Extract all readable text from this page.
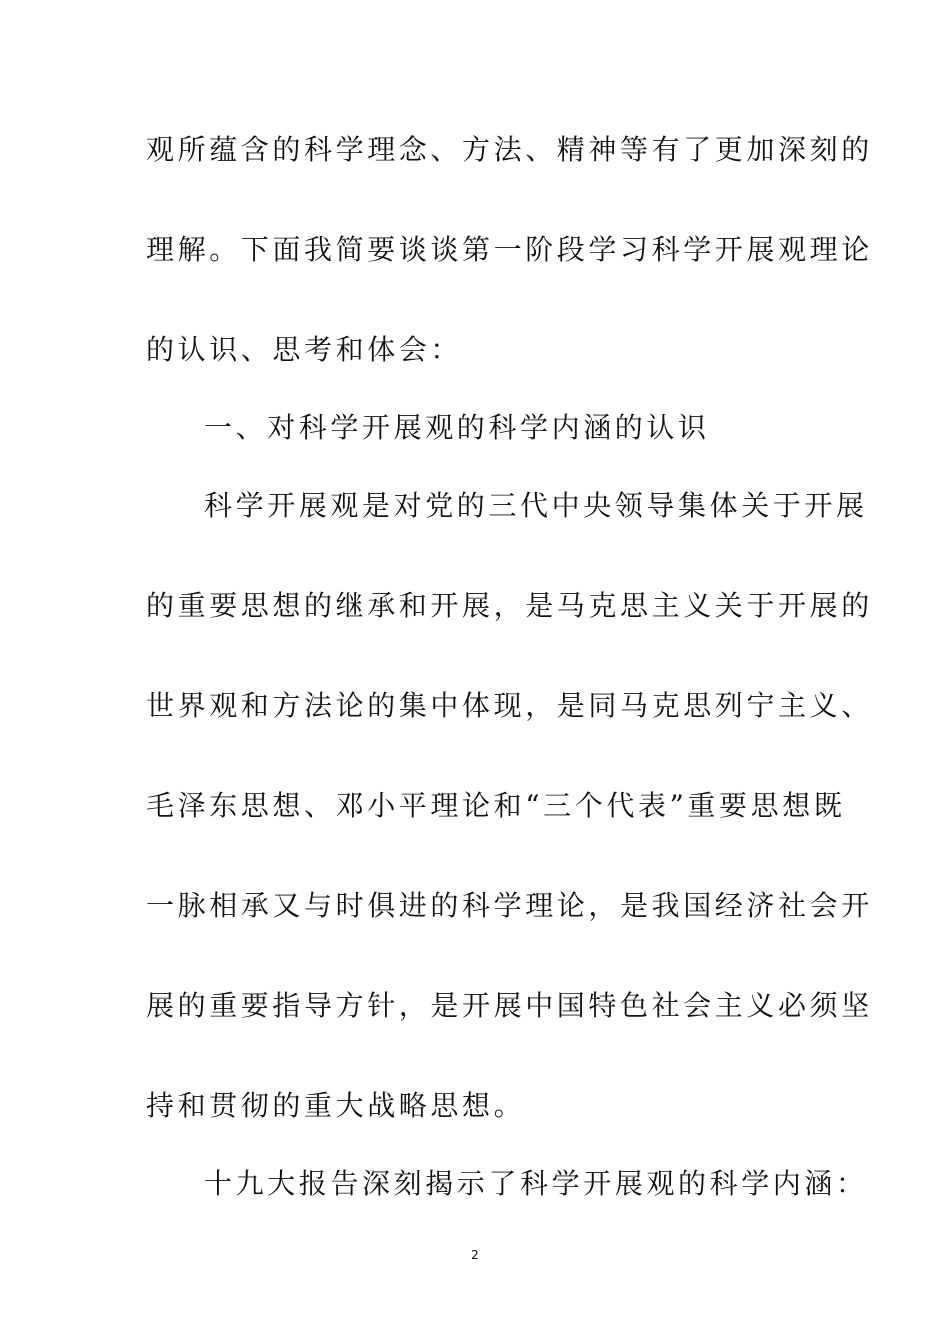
观所蕴含的科学理念、方法、精神等有了更加深刻的
理解。下面我简要谈谈第一阶段学习科学开展观理论
的认识、思考和体会：
一、对科学开展观的科学内涵的认识
科学开展观是对党的三代中央领导集体关于开展
的重要思想的继承和开展，是马克思主义关于开展的
世界观和方法论的集中体现，是同马克思列宁主义、
毛泽东思想、邓小平理论和“三个代表”重要思想既
一脉相承又与时俱进的科学理论，是我国经济社会开
展的重要指导方针，是开展中国特色社会主义必须坚
持和贯彻的重大战略思想。
十九大报告深刻揭示了科学开展观的科学内涵：
2
